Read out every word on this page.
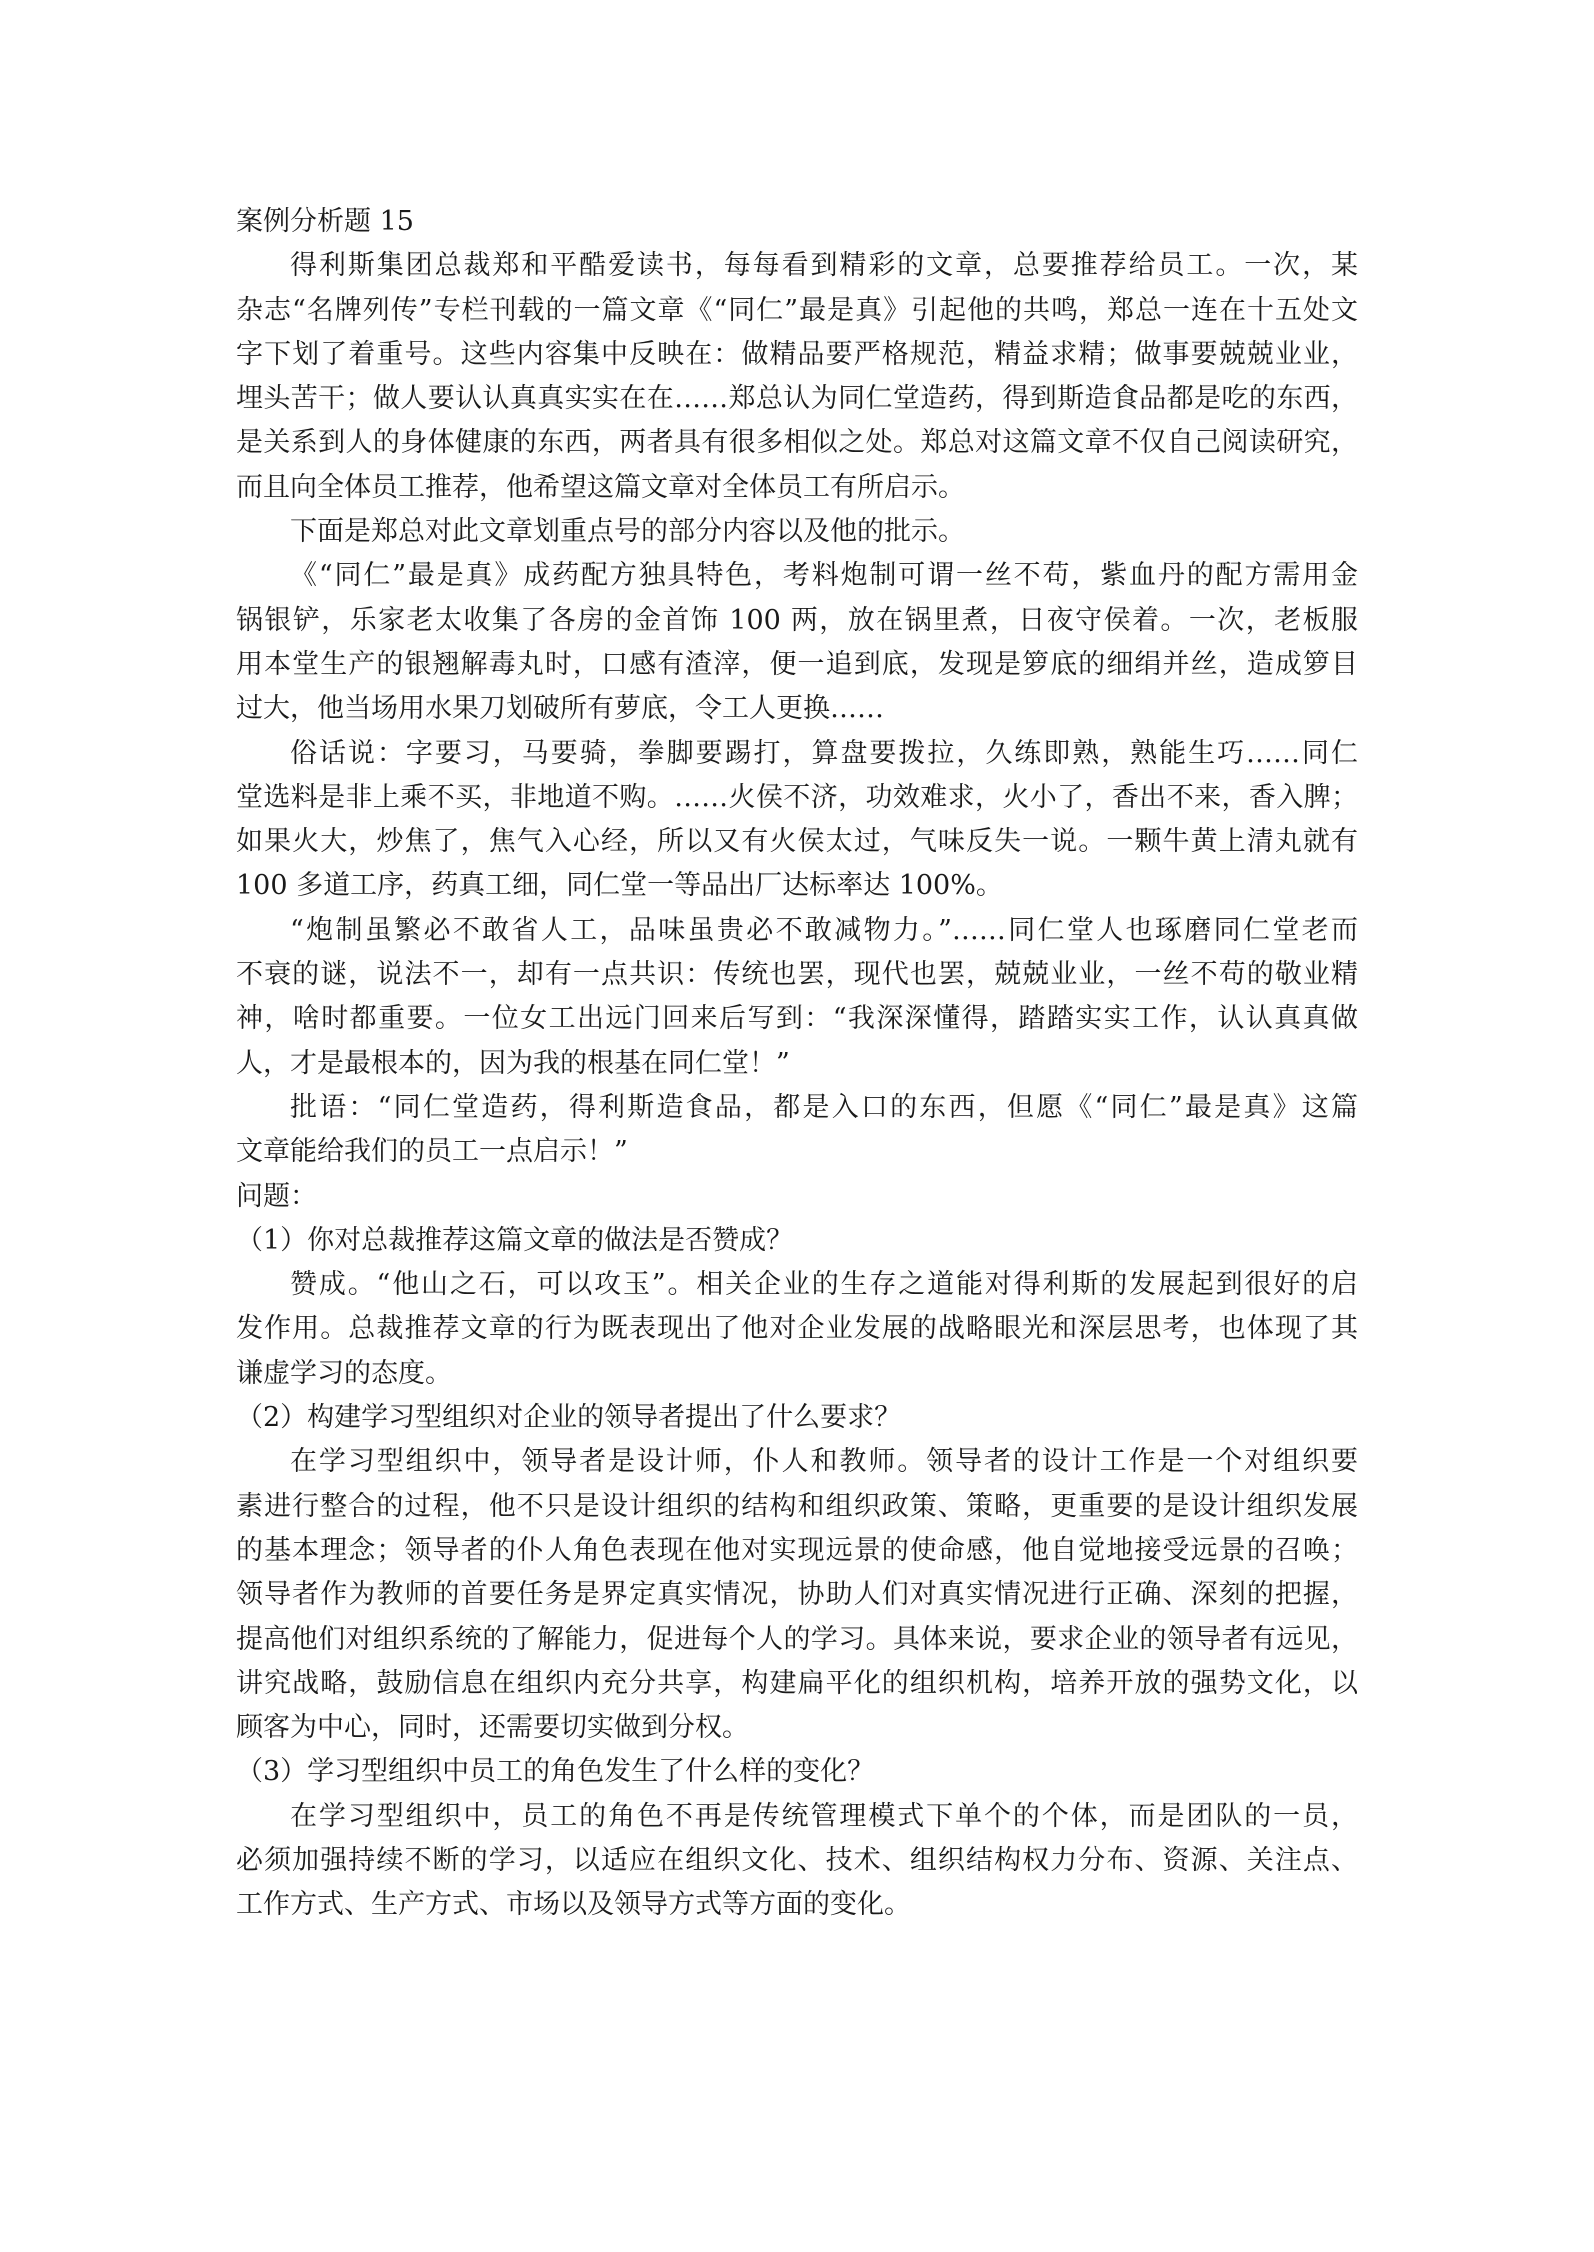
案例分析题 15
得利斯集团总裁郑和平酷爱读书，每每看到精彩的文章，总要推荐给员工。一次，某
杂志“名牌列传”专栏刊载的一篇文章《“同仁”最是真》引起他的共鸣，郑总一连在十五处文
字下划了着重号。这些内容集中反映在：做精品要严格规范，精益求精；做事要兢兢业业，
埋头苦干；做人要认认真真实实在在……郑总认为同仁堂造药，得到斯造食品都是吃的东西，
是关系到人的身体健康的东西，两者具有很多相似之处。郑总对这篇文章不仅自己阅读研究，
而且向全体员工推荐，他希望这篇文章对全体员工有所启示。
下面是郑总对此文章划重点号的部分内容以及他的批示。
《“同仁”最是真》成药配方独具特色，考料炮制可谓一丝不苟，紫血丹的配方需用金
锅银铲，乐家老太收集了各房的金首饰 100 两，放在锅里煮，日夜守侯着。一次，老板服
用本堂生产的银翘解毒丸时，口感有渣滓，便一追到底，发现是箩底的细绢并丝，造成箩目
过大，他当场用水果刀划破所有萝底，令工人更换……
俗话说：字要习，马要骑，拳脚要踢打，算盘要拨拉，久练即熟，熟能生巧……同仁
堂选料是非上乘不买，非地道不购。……火侯不济，功效难求，火小了，香出不来，香入脾；
如果火大，炒焦了，焦气入心经，所以又有火侯太过，气味反失一说。一颗牛黄上清丸就有
100 多道工序，药真工细，同仁堂一等品出厂达标率达 100%。
“炮制虽繁必不敢省人工，品味虽贵必不敢减物力。”……同仁堂人也琢磨同仁堂老而
不衰的谜，说法不一，却有一点共识：传统也罢，现代也罢，兢兢业业，一丝不苟的敬业精
神，啥时都重要。一位女工出远门回来后写到：“我深深懂得，踏踏实实工作，认认真真做
人，才是最根本的，因为我的根基在同仁堂！”
批语：“同仁堂造药，得利斯造食品，都是入口的东西，但愿《“同仁”最是真》这篇
文章能给我们的员工一点启示！”
问题：
（1）你对总裁推荐这篇文章的做法是否赞成？
赞成。“他山之石，可以攻玉”。相关企业的生存之道能对得利斯的发展起到很好的启
发作用。总裁推荐文章的行为既表现出了他对企业发展的战略眼光和深层思考，也体现了其
谦虚学习的态度。
（2）构建学习型组织对企业的领导者提出了什么要求？
在学习型组织中，领导者是设计师，仆人和教师。领导者的设计工作是一个对组织要
素进行整合的过程，他不只是设计组织的结构和组织政策、策略，更重要的是设计组织发展
的基本理念；领导者的仆人角色表现在他对实现远景的使命感，他自觉地接受远景的召唤；
领导者作为教师的首要任务是界定真实情况，协助人们对真实情况进行正确、深刻的把握，
提高他们对组织系统的了解能力，促进每个人的学习。具体来说，要求企业的领导者有远见，
讲究战略，鼓励信息在组织内充分共享，构建扁平化的组织机构，培养开放的强势文化，以
顾客为中心，同时，还需要切实做到分权。
（3）学习型组织中员工的角色发生了什么样的变化？
在学习型组织中，员工的角色不再是传统管理模式下单个的个体，而是团队的一员，
必须加强持续不断的学习，以适应在组织文化、技术、组织结构权力分布、资源、关注点、
工作方式、生产方式、市场以及领导方式等方面的变化。
